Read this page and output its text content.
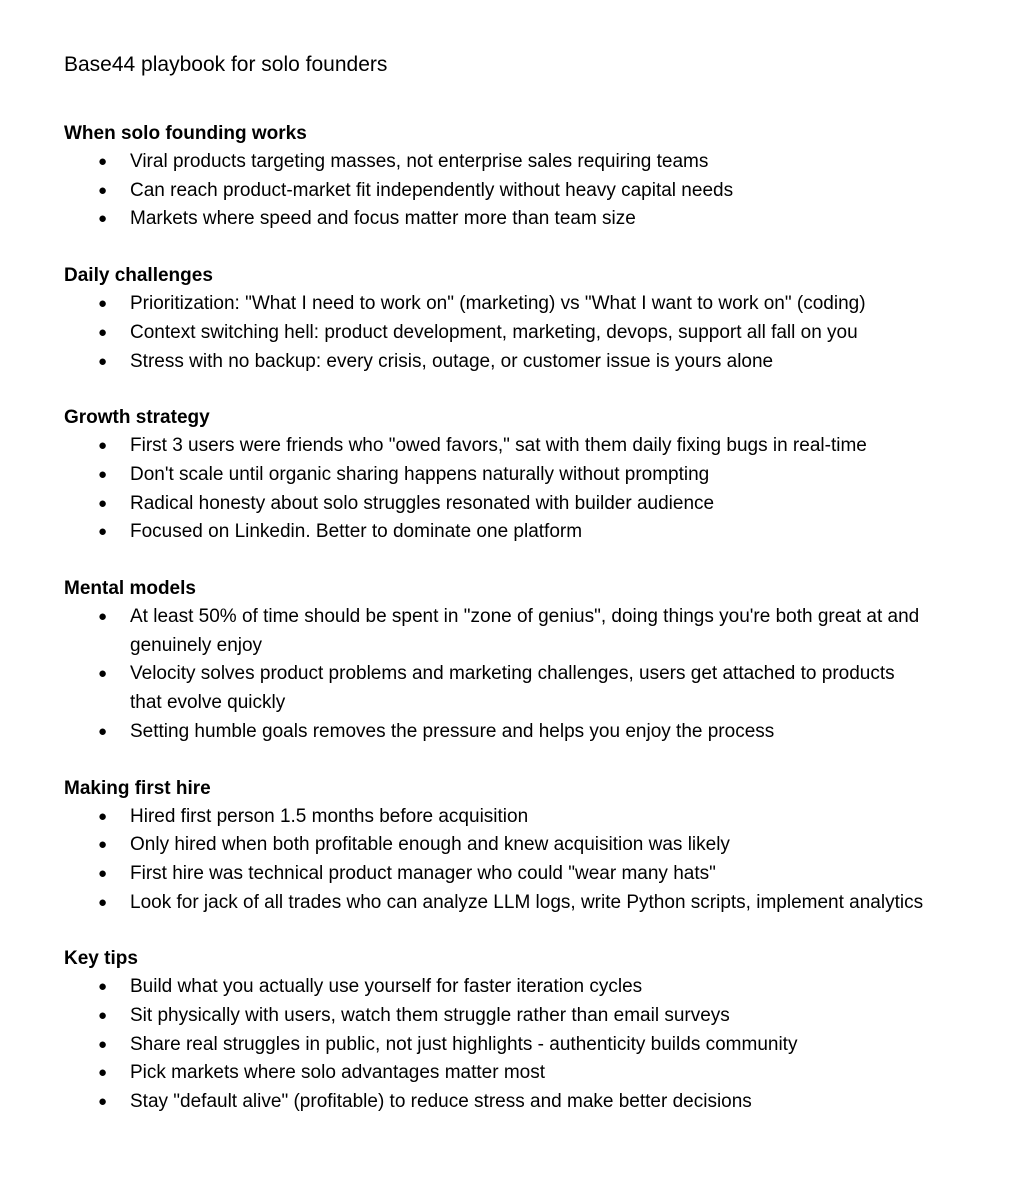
Base44 playbook for solo founders
When solo founding works
● Viral products targeting masses, not enterprise sales requiring teams
● Can reach product-market fit independently without heavy capital needs
● Markets where speed and focus matter more than team size
Daily challenges
● Prioritization: "What I need to work on" (marketing) vs "What I want to work on" (coding)
● Context switching hell: product development, marketing, devops, support all fall on you
● Stress with no backup: every crisis, outage, or customer issue is yours alone
Growth strategy
● First 3 users were friends who "owed favors," sat with them daily fixing bugs in real-time
● Don't scale until organic sharing happens naturally without prompting
● Radical honesty about solo struggles resonated with builder audience
● Focused on Linkedin. Better to dominate one platform
Mental models
● At least 50% of time should be spent in "zone of genius", doing things you're both great at and genuinely enjoy
● Velocity solves product problems and marketing challenges, users get attached to products that evolve quickly
● Setting humble goals removes the pressure and helps you enjoy the process
Making first hire
● Hired first person 1.5 months before acquisition
● Only hired when both profitable enough and knew acquisition was likely
● First hire was technical product manager who could "wear many hats"
● Look for jack of all trades who can analyze LLM logs, write Python scripts, implement analytics
Key tips
● Build what you actually use yourself for faster iteration cycles
● Sit physically with users, watch them struggle rather than email surveys
● Share real struggles in public, not just highlights - authenticity builds community
● Pick markets where solo advantages matter most
● Stay "default alive" (profitable) to reduce stress and make better decisions
